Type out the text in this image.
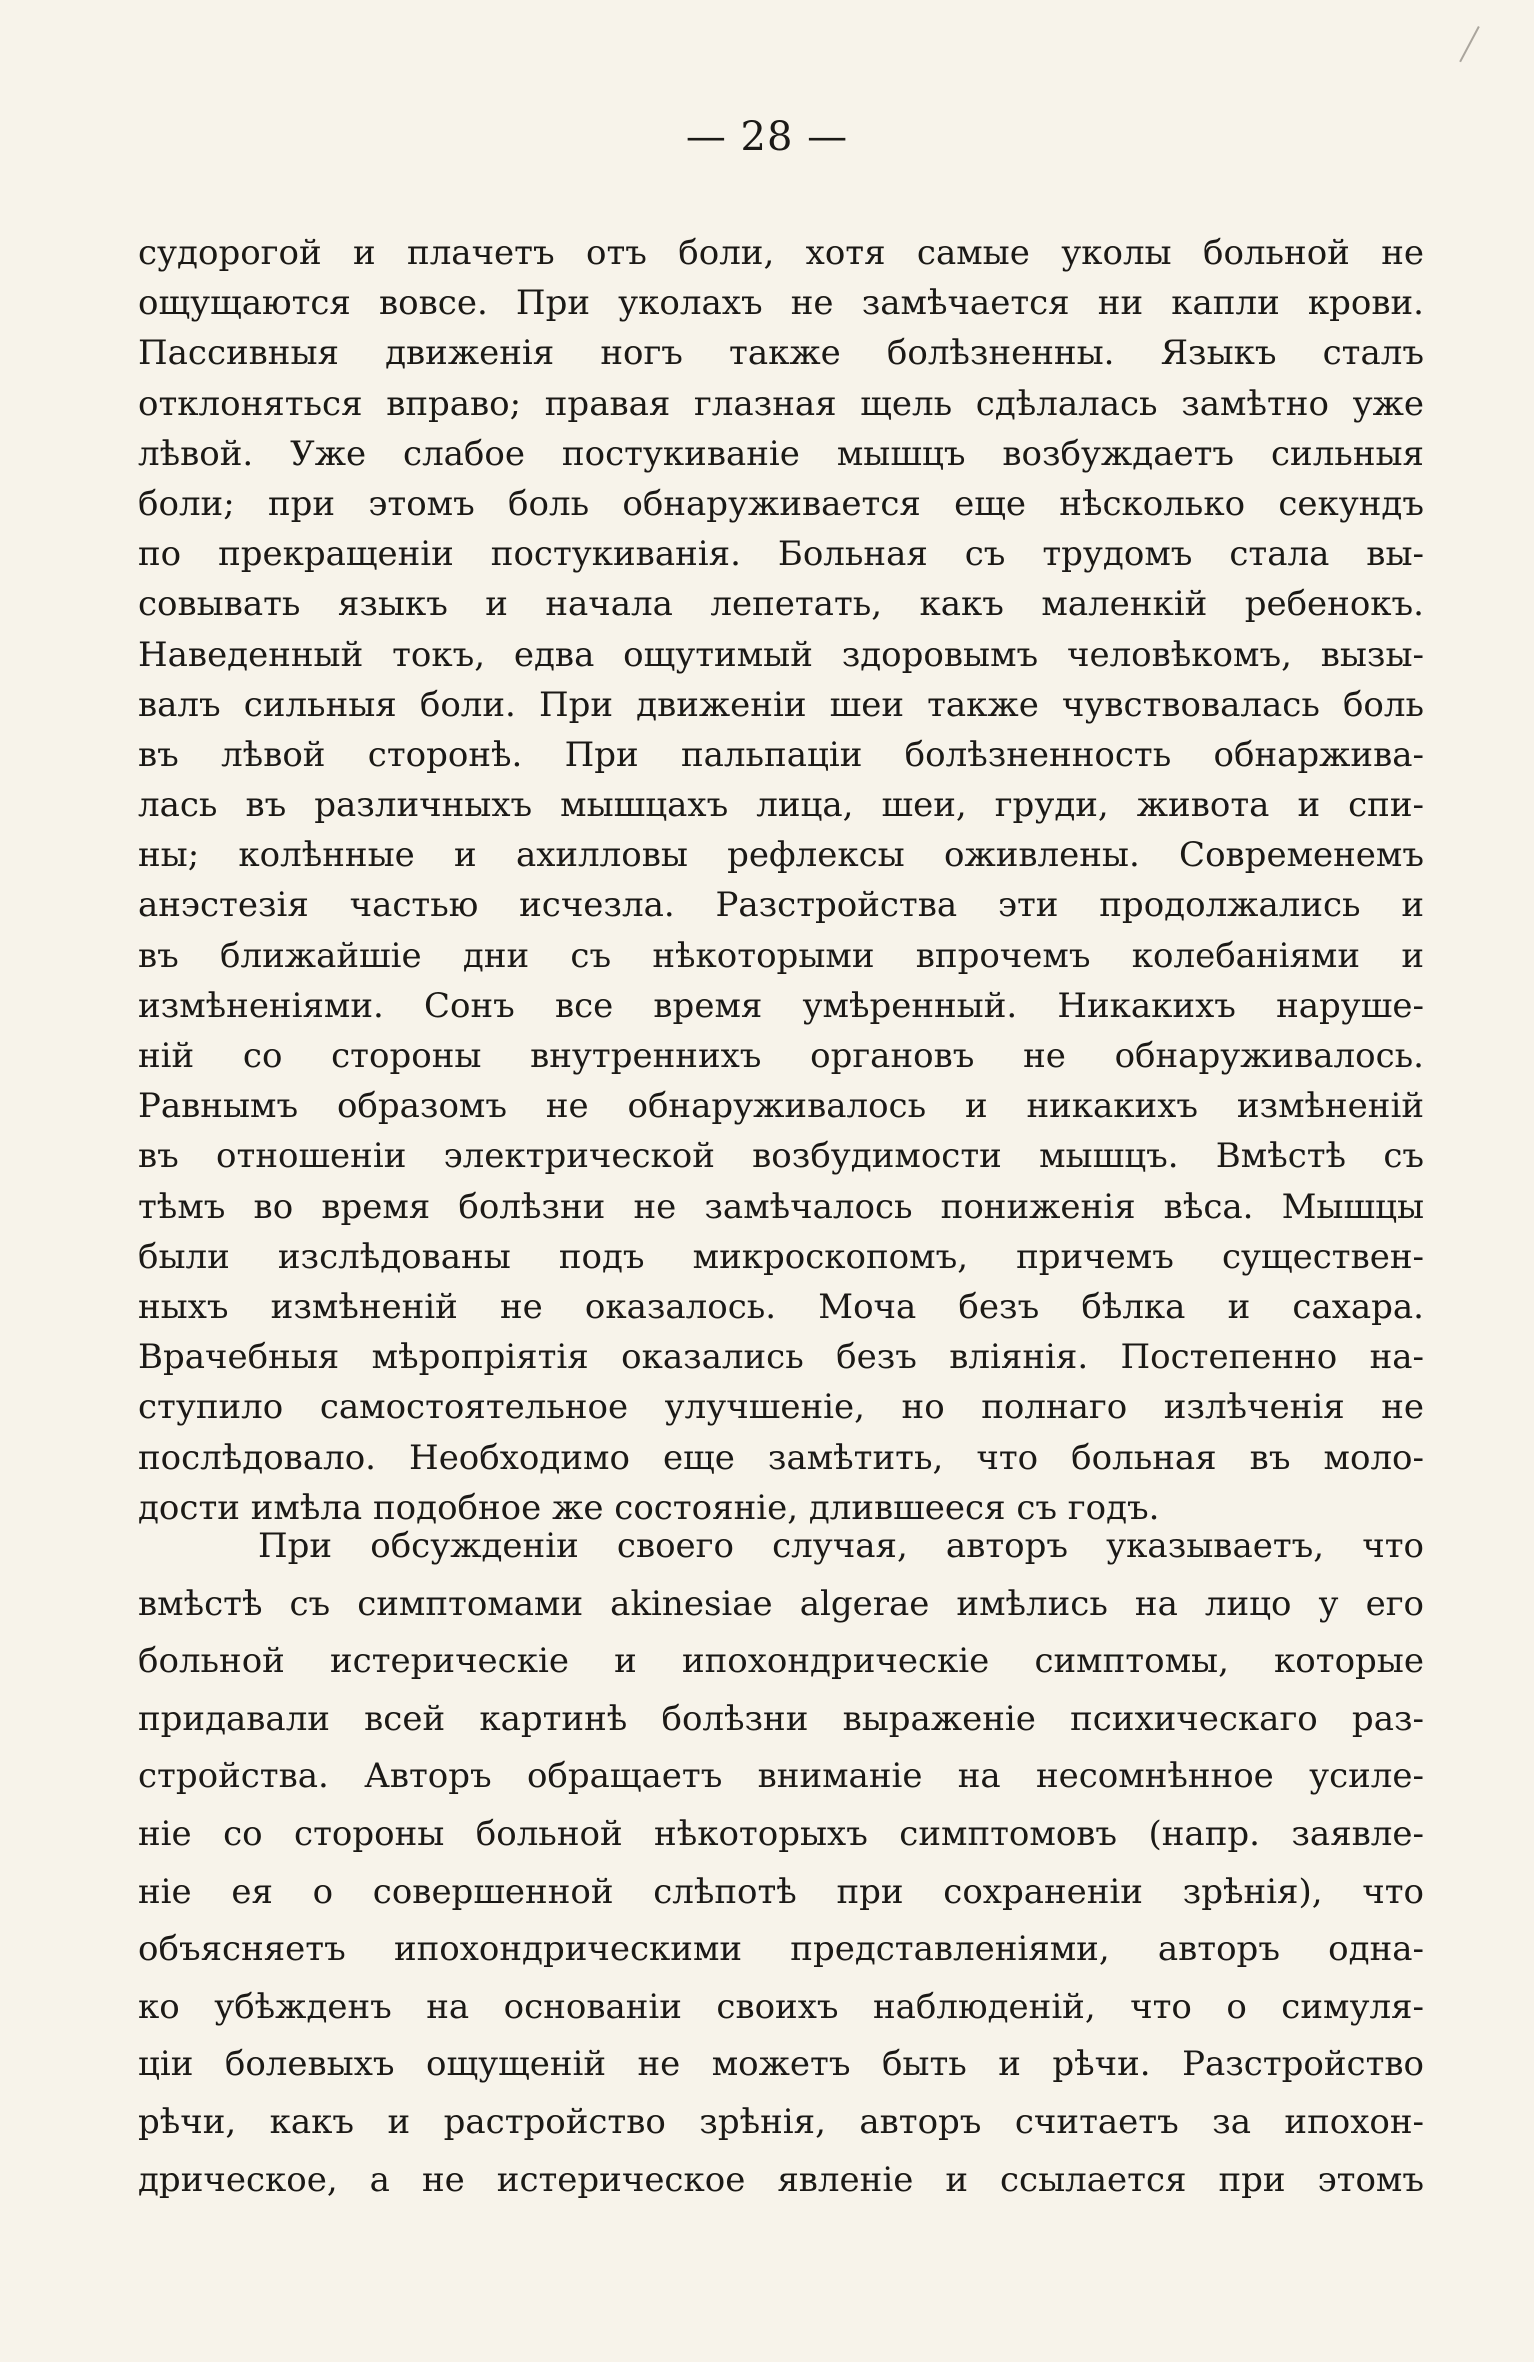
— 28 —
судорогой и плачетъ отъ боли, хотя самые уколы больной не
ощущаются вовсе. При уколахъ не замѣчается ни капли крови.
Пассивныя движенія ногъ также болѣзненны. Языкъ сталъ
отклоняться вправо; правая глазная щель сдѣлалась замѣтно уже
лѣвой. Уже слабое постукиваніе мышцъ возбуждаетъ сильныя
боли; при этомъ боль обнаруживается еще нѣсколько секундъ
по прекращеніи постукиванія. Больная съ трудомъ стала вы-
совывать языкъ и начала лепетать, какъ маленкій ребенокъ.
Наведенный токъ, едва ощутимый здоровымъ человѣкомъ, вызы-
валъ сильныя боли. При движеніи шеи также чувствовалась боль
въ лѣвой сторонѣ. При пальпаціи болѣзненность обнаржива-
лась въ различныхъ мышцахъ лица, шеи, груди, живота и спи-
ны; колѣнные и ахилловы рефлексы оживлены. Современемъ
анэстезія частью исчезла. Разстройства эти продолжались и
въ ближайшіе дни съ нѣкоторыми впрочемъ колебаніями и
измѣненіями. Сонъ все время умѣренный. Никакихъ наруше-
ній со стороны внутреннихъ органовъ не обнаруживалось.
Равнымъ образомъ не обнаруживалось и никакихъ измѣненій
въ отношеніи электрической возбудимости мышцъ. Вмѣстѣ съ
тѣмъ во время болѣзни не замѣчалось пониженія вѣса. Мышцы
были изслѣдованы подъ микроскопомъ, причемъ существен-
ныхъ измѣненій не оказалось. Моча безъ бѣлка и сахара.
Врачебныя мѣропріятія оказались безъ вліянія. Постепенно на-
ступило самостоятельное улучшеніе, но полнаго излѣченія не
послѣдовало. Необходимо еще замѣтить, что больная въ моло-
дости имѣла подобное же состояніе, длившееся съ годъ.
При обсужденіи своего случая, авторъ указываетъ, что
вмѣстѣ съ симптомами akinesiae algerae имѣлись на лицо у его
больной истерическіе и ипохондрическіе симптомы, которые
придавали всей картинѣ болѣзни выраженіе психическаго раз-
стройства. Авторъ обращаетъ вниманіе на несомнѣнное усиле-
ніе со стороны больной нѣкоторыхъ симптомовъ (напр. заявле-
ніе ея о совершенной слѣпотѣ при сохраненіи зрѣнія), что
объясняетъ ипохондрическими представленіями, авторъ одна-
ко убѣжденъ на основаніи своихъ наблюденій, что о симуля-
ціи болевыхъ ощущеній не можетъ быть и рѣчи. Разстройство
рѣчи, какъ и растройство зрѣнія, авторъ считаетъ за ипохон-
дрическое, а не истерическое явленіе и ссылается при этомъ
